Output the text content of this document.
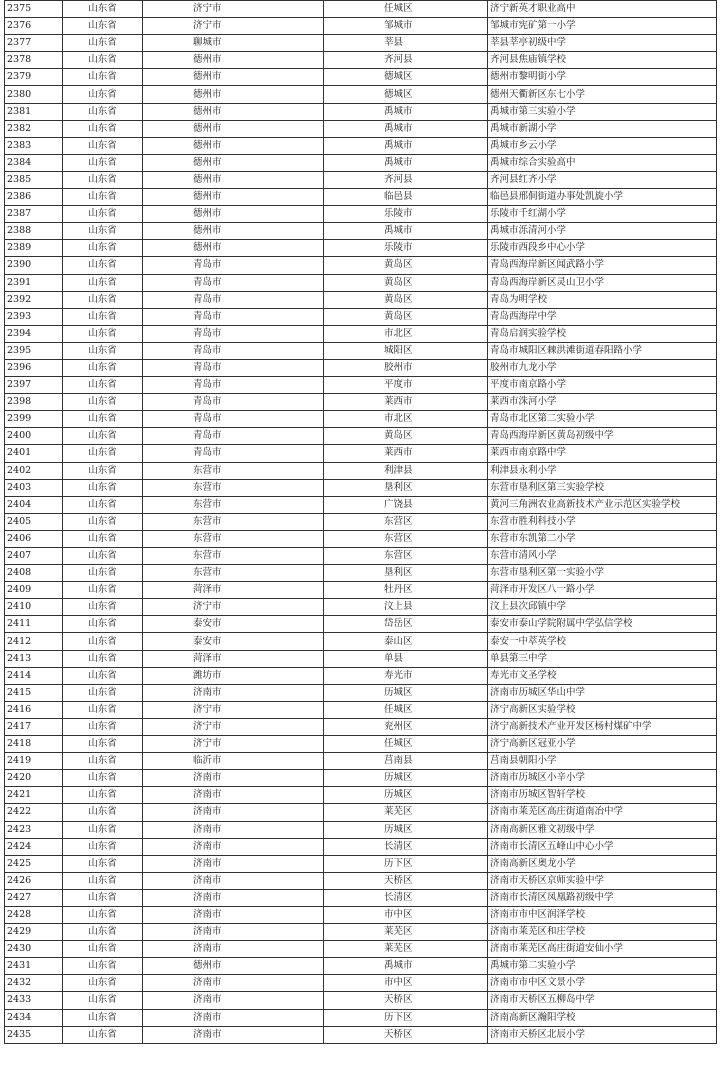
2375	山东省	济宁市	任城区	济宁新英才职业高中
2376	山东省	济宁市	邹城市	邹城市宪矿第一小学
2377	山东省	聊城市	莘县	莘县莘亭初级中学
2378	山东省	德州市	齐河县	齐河县焦庙镇学校
2379	山东省	德州市	德城区	德州市黎明街小学
2380	山东省	德州市	德城区	德州天衢新区东七小学
2381	山东省	德州市	禹城市	禹城市第三实验小学
2382	山东省	德州市	禹城市	禹城市新湖小学
2383	山东省	德州市	禹城市	禹城市乡云小学
2384	山东省	德州市	禹城市	禹城市综合实验高中
2385	山东省	德州市	齐河县	齐河县红齐小学
2386	山东省	德州市	临邑县	临邑县邢侗街道办事处凯旋小学
2387	山东省	德州市	乐陵市	乐陵市千红湖小学
2388	山东省	德州市	禹城市	禹城市泺清河小学
2389	山东省	德州市	乐陵市	乐陵市西段乡中心小学
2390	山东省	青岛市	黄岛区	青岛西海岸新区闻武路小学
2391	山东省	青岛市	黄岛区	青岛西海岸新区灵山卫小学
2392	山东省	青岛市	黄岛区	青岛为明学校
2393	山东省	青岛市	黄岛区	青岛西海岸中学
2394	山东省	青岛市	市北区	青岛启润实验学校
2395	山东省	青岛市	城阳区	青岛市城阳区棘洪滩街道春阳路小学
2396	山东省	青岛市	胶州市	胶州市九龙小学
2397	山东省	青岛市	平度市	平度市南京路小学
2398	山东省	青岛市	莱西市	莱西市洙河小学
2399	山东省	青岛市	市北区	青岛市北区第二实验小学
2400	山东省	青岛市	黄岛区	青岛西海岸新区黄岛初级中学
2401	山东省	青岛市	莱西市	莱西市南京路中学
2402	山东省	东营市	利津县	利津县永利小学
2403	山东省	东营市	垦利区	东营市垦利区第三实验学校
2404	山东省	东营市	广饶县	黄河三角洲农业高新技术产业示范区实验学校
2405	山东省	东营市	东营区	东营市胜利科技小学
2406	山东省	东营市	东营区	东营市东凯第二小学
2407	山东省	东营市	东营区	东营市清风小学
2408	山东省	东营市	垦利区	东营市垦利区第一实验小学
2409	山东省	菏泽市	牡丹区	菏泽市开发区八一路小学
2410	山东省	济宁市	汶上县	汶上县次邱镇中学
2411	山东省	泰安市	岱岳区	泰安市泰山学院附属中学弘信学校
2412	山东省	泰安市	泰山区	泰安一中萃英学校
2413	山东省	菏泽市	单县	单县第三中学
2414	山东省	潍坊市	寿光市	寿光市文圣学校
2415	山东省	济南市	历城区	济南市历城区华山中学
2416	山东省	济宁市	任城区	济宁高新区实验学校
2417	山东省	济宁市	兖州区	济宁高新技术产业开发区杨村煤矿中学
2418	山东省	济宁市	任城区	济宁高新区冠亚小学
2419	山东省	临沂市	莒南县	莒南县朝阳小学
2420	山东省	济南市	历城区	济南市历城区小辛小学
2421	山东省	济南市	历城区	济南市历城区智轩学校
2422	山东省	济南市	莱芜区	济南市莱芜区高庄街道南冶中学
2423	山东省	济南市	历城区	济南高新区雅文初级中学
2424	山东省	济南市	长清区	济南市长清区五峰山中心小学
2425	山东省	济南市	历下区	济南高新区奥龙小学
2426	山东省	济南市	天桥区	济南市天桥区京师实验中学
2427	山东省	济南市	长清区	济南市长清区凤凰路初级中学
2428	山东省	济南市	市中区	济南市市中区润泽学校
2429	山东省	济南市	莱芜区	济南市莱芜区和庄学校
2430	山东省	济南市	莱芜区	济南市莱芜区高庄街道安仙小学
2431	山东省	德州市	禹城市	禹城市第二实验小学
2432	山东省	济南市	市中区	济南市市中区文景小学
2433	山东省	济南市	天桥区	济南市天桥区五柳岛中学
2434	山东省	济南市	历下区	济南高新区瀚阳学校
2435	山东省	济南市	天桥区	济南市天桥区北辰小学
